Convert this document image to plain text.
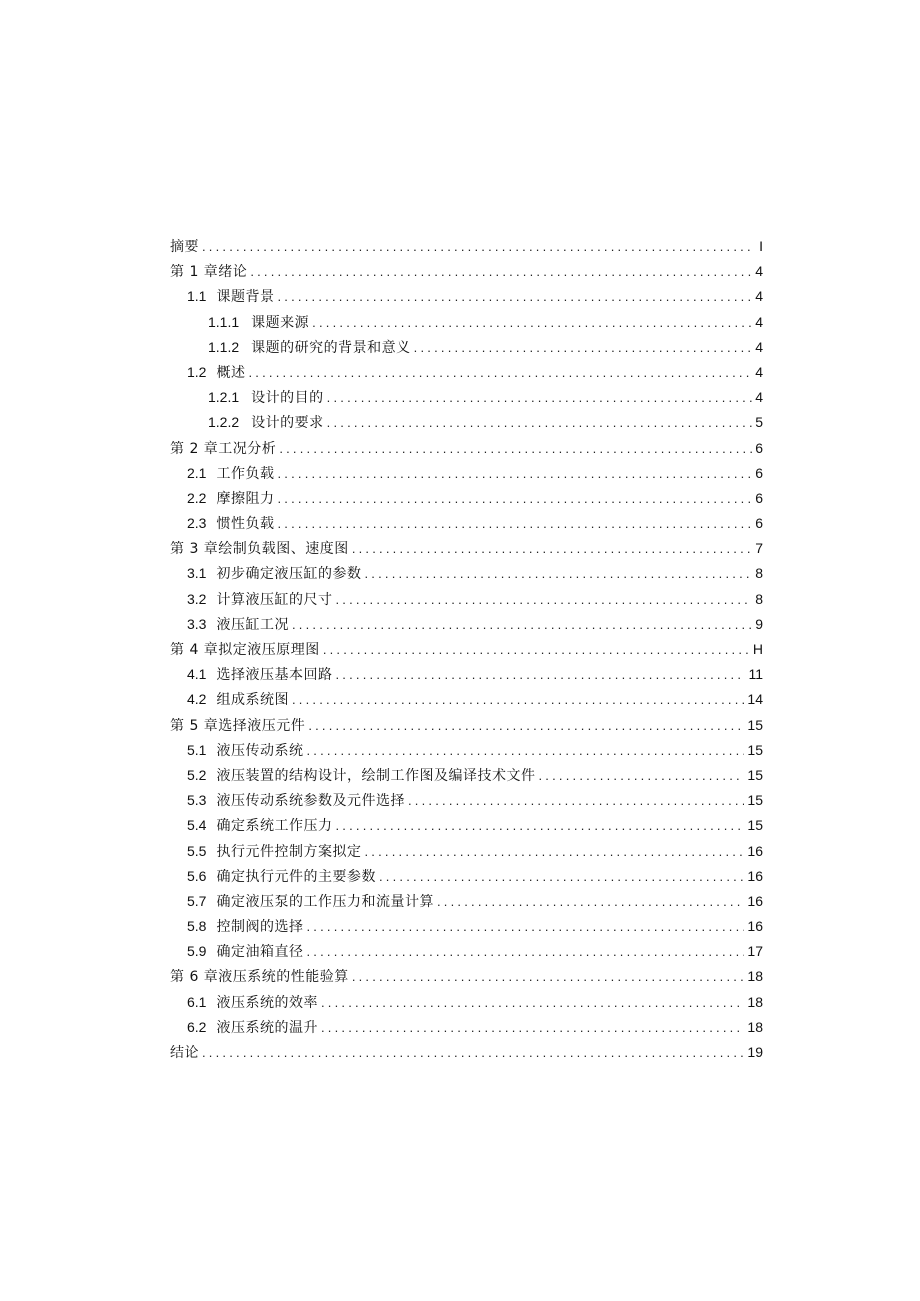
摘要 .....	I
第 1 章绪论 .....	4
1.1 课题背景 .....	4
1.1.1 课题来源 .....	4
1.1.2 课题的研究的背景和意义 .....	4
1.2 概述 .....	4
1.2.1 设计的目的 .....	4
1.2.2 设计的要求 .....	5
第 2 章工况分析 .....	6
2.1 工作负载 .....	6
2.2 摩擦阻力 .....	6
2.3 惯性负载 .....	6
第 3 章绘制负载图、速度图 .....	7
3.1 初步确定液压缸的参数 .....	8
3.2 计算液压缸的尺寸 .....	8
3.3 液压缸工况 .....	9
第 4 章拟定液压原理图 .....	H
4.1 选择液压基本回路 .....	11
4.2 组成系统图 .....	14
第 5 章选择液压元件 .....	15
5.1 液压传动系统 .....	15
5.2 液压装置的结构设计，绘制工作图及编译技术文件 .....	15
5.3 液压传动系统参数及元件选择 .....	15
5.4 确定系统工作压力 .....	15
5.5 执行元件控制方案拟定 .....	16
5.6 确定执行元件的主要参数 .....	16
5.7 确定液压泵的工作压力和流量计算 .....	16
5.8 控制阀的选择 .....	16
5.9 确定油箱直径 .....	17
第 6 章液压系统的性能验算 .....	18
6.1 液压系统的效率 .....	18
6.2 液压系统的温升 .....	18
结论 .....	19
